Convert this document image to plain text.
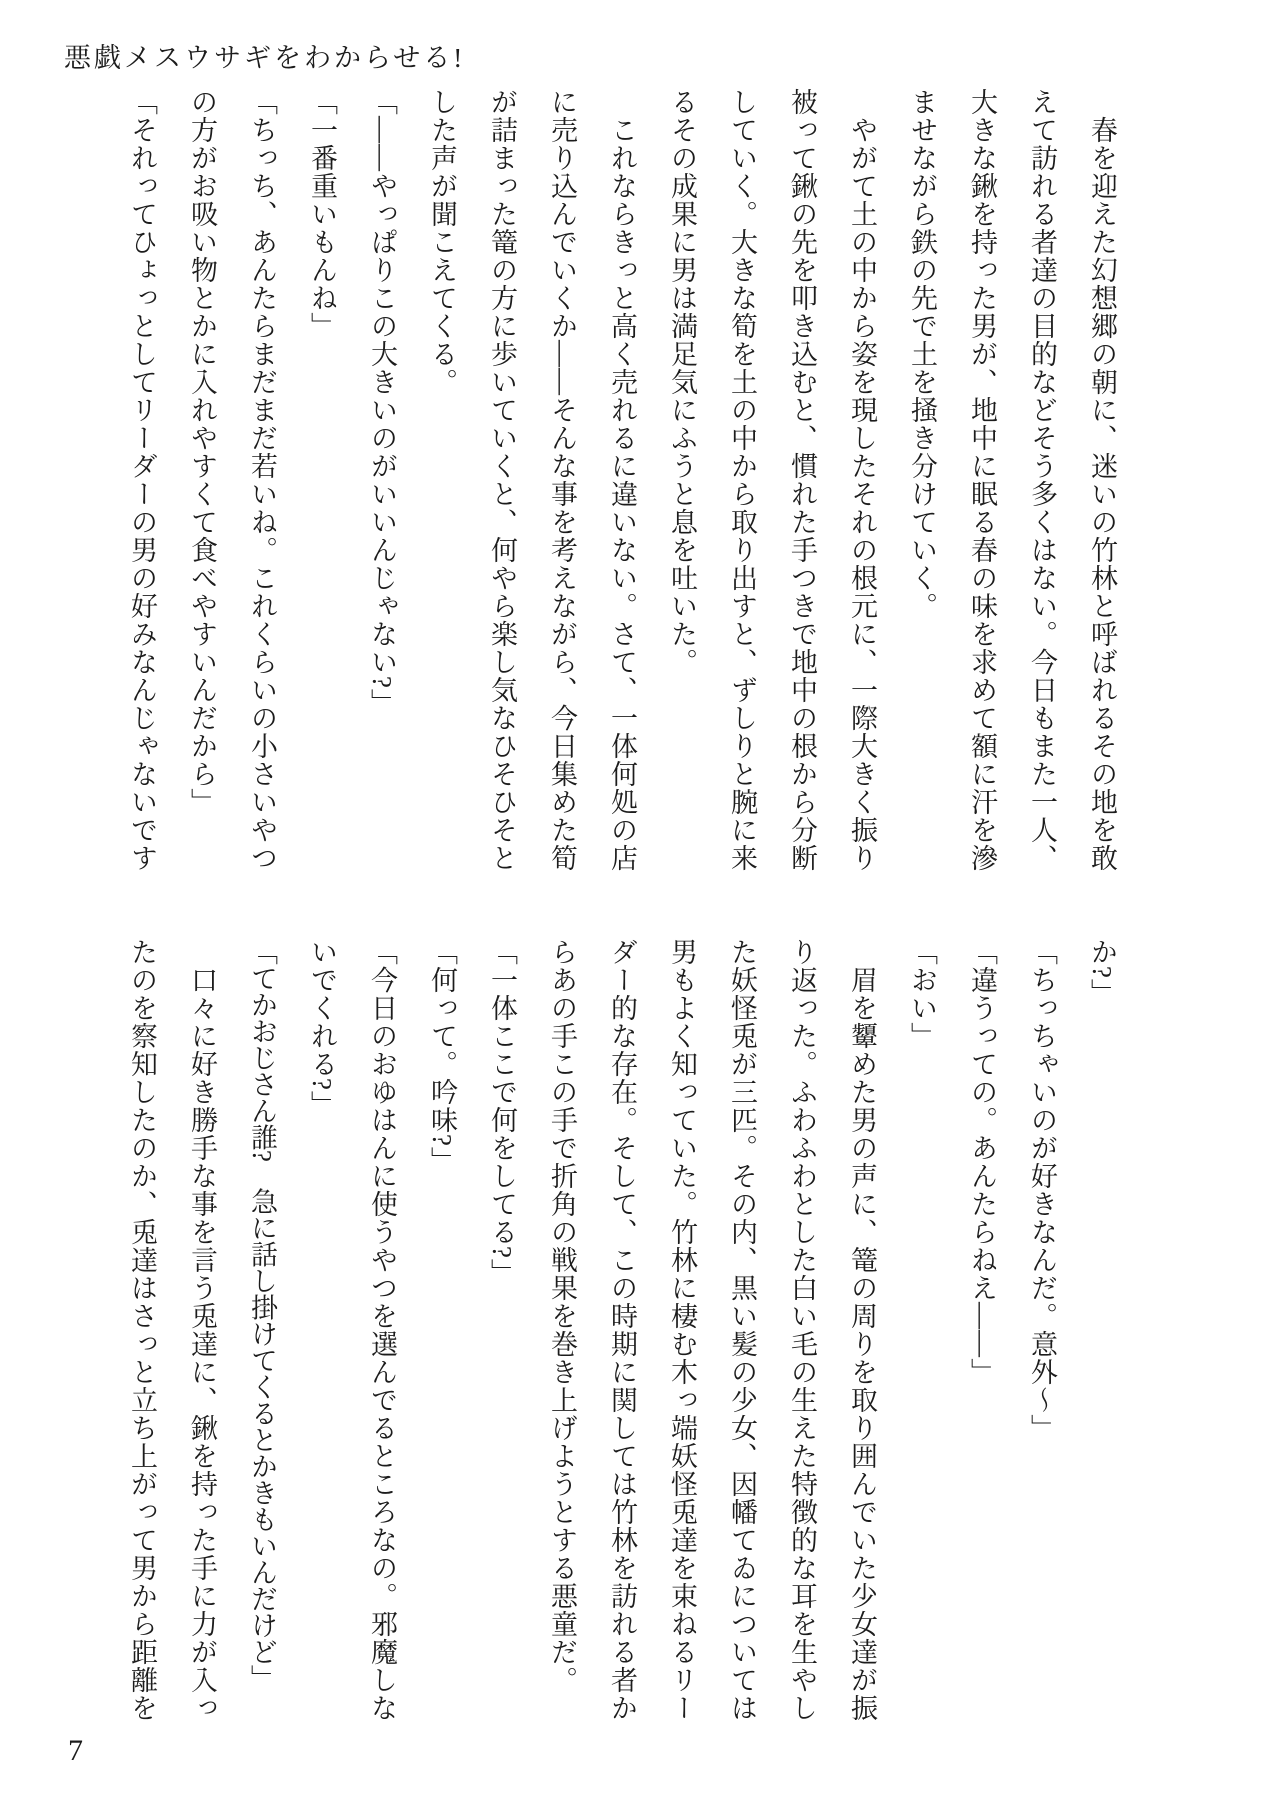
悪戯メスウサギをわからせる!

春を迎えた幻想郷の朝に、迷いの竹林と呼ばれるその地を敢えて訪れる者達の目的などそう多くはない。今日もまた一人、大きな鍬を持った男が、地中に眠る春の味を求めて額に汗を滲ませながら鉄の先で土を掻き分けていく。

やがて土の中から姿を現したそれの根元に、一際大きく振り被って鍬の先を叩き込むと、慣れた手つきで地中の根から分断していく。大きな筍を土の中から取り出すと、ずしりと腕に来るその成果に男は満足気にふうと息を吐いた。

これならきっと高く売れるに違いない。さて、一体何処の店に売り込んでいくか――そんな事を考えながら、今日集めた筍が詰まった篭の方に歩いていくと、何やら楽し気なひそひそとした声が聞こえてくる。

「――やっぱりこの大きいのがいいんじゃない?」

「一番重いもんね」

「ちっち、あんたらまだまだ若いね。これくらいの小さいやつの方がお吸い物とかに入れやすくて食べやすいんだから」

「それってひょっとしてリーダーの男の好みなんじゃないです

か?」

「ちっちゃいのが好きなんだ。意外〜」

「違うっての。あんたらねえ――」

「おい」

眉を顰めた男の声に、篭の周りを取り囲んでいた少女達が振り返った。ふわふわとした白い毛の生えた特徴的な耳を生やした妖怪兎が三匹。その内、黒い髪の少女、因幡てゐについては男もよく知っていた。竹林に棲む木っ端妖怪兎達を束ねるリーダー的な存在。そして、この時期に関しては竹林を訪れる者からあの手この手で折角の戦果を巻き上げようとする悪童だ。

「一体ここで何をしてる?」

「何って。吟味?」

「今日のおゆはんに使うやつを選んでるところなの。邪魔しないでくれる?」

「てかおじさん誰?　急に話し掛けてくるとかきもいんだけど」

口々に好き勝手な事を言う兎達に、鍬を持った手に力が入ったのを察知したのか、兎達はさっと立ち上がって男から距離を

7
